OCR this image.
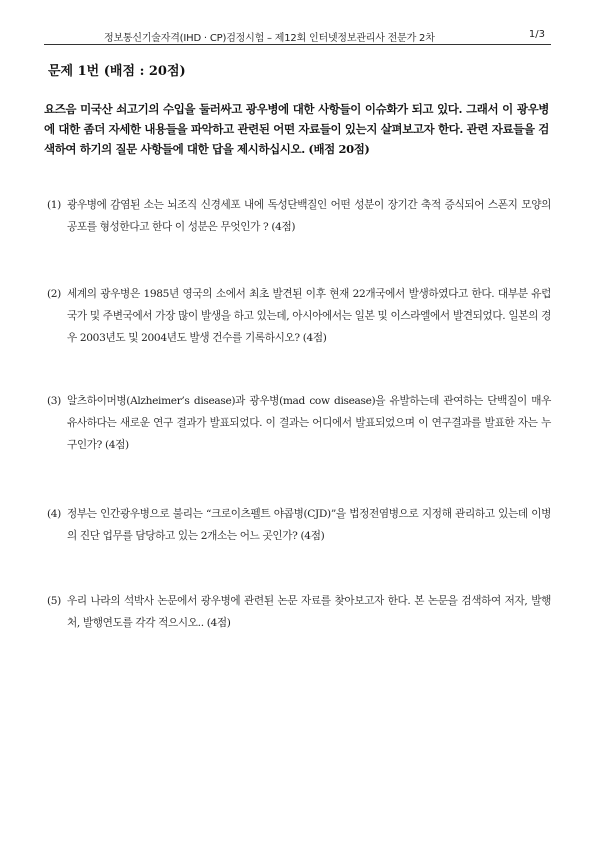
정보통신기술자격(IHD · CP)검정시험 – 제12회 인터넷정보관리사 전문가 2차	1/3
문제 1번 (배점 : 20점)
요즈음 미국산 쇠고기의 수입을 둘러싸고 광우병에 대한 사항들이 이슈화가 되고 있다. 그래서 이 광우병에 대한 좀더 자세한 내용들을 파악하고 관련된 어떤 자료들이 있는지 살펴보고자 한다. 관련 자료들을 검색하여 하기의 질문 사항들에 대한 답을 제시하십시오. (배점 20점)
(1) 광우병에 감염된 소는 뇌조직 신경세포 내에 독성단백질인 어떤 성분이 장기간 축적 증식되어 스폰지 모양의 공포를 형성한다고 한다 이 성분은 무엇인가 ? (4점)
(2) 세계의 광우병은 1985년 영국의 소에서 최초 발견된 이후 현재 22개국에서 발생하였다고 한다. 대부분 유럽국가 및 주변국에서 가장 많이 발생을 하고 있는데, 아시아에서는 일본 및 이스라엘에서 발견되었다. 일본의 경우 2003년도 및 2004년도 발생 건수를 기록하시오? (4점)
(3) 알츠하이머병(Alzheimer’s disease)과 광우병(mad cow disease)을 유발하는데 관여하는 단백질이 매우 유사하다는 새로운 연구 결과가 발표되었다. 이 결과는 어디에서 발표되었으며 이 연구결과를 발표한 자는 누구인가? (4점)
(4) 정부는 인간광우병으로 불리는 “크로이츠펠트 야콥병(CJD)”을 법정전염병으로 지정해 관리하고 있는데 이병의 진단 업무를 담당하고 있는 2개소는 어느 곳인가? (4점)
(5) 우리 나라의 석박사 논문에서 광우병에 관련된 논문 자료를 찾아보고자 한다. 본 논문을 검색하여 저자, 발행처, 발행연도를 각각 적으시오.. (4점)
